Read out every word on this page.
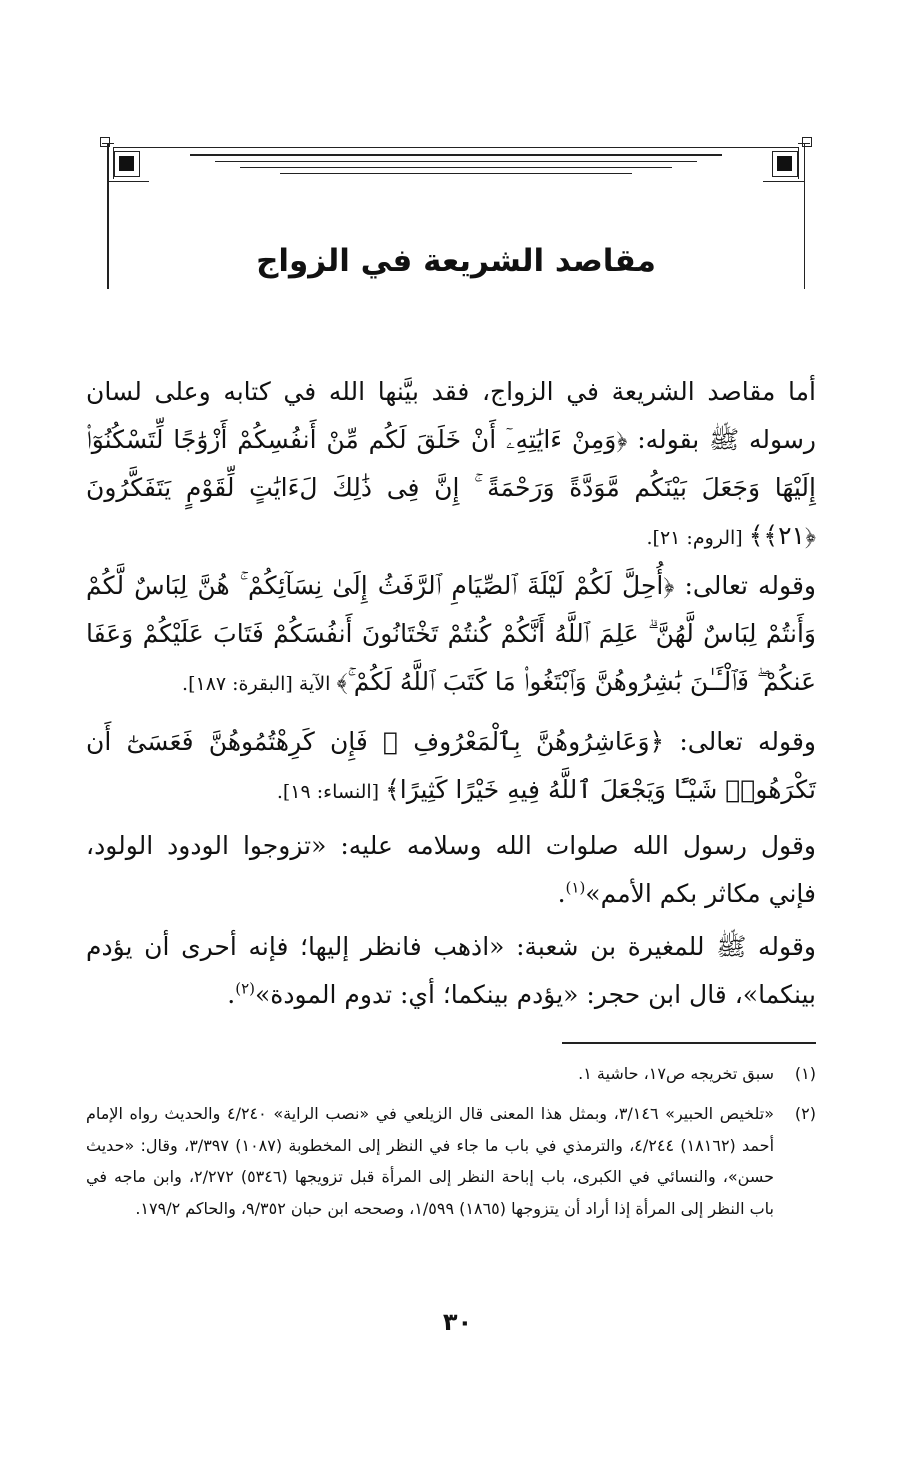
مقاصد الشريعة في الزواج

أما مقاصد الشريعة في الزواج، فقد بيَّنها الله في كتابه وعلى لسان رسوله ﷺ بقوله: ﴿وَمِنْ ءَايَٰتِهِۦٓ أَنْ خَلَقَ لَكُم مِّنْ أَنفُسِكُمْ أَزْوَٰجًا لِّتَسْكُنُوٓا۟ إِلَيْهَا وَجَعَلَ بَيْنَكُم مَّوَدَّةً وَرَحْمَةً ۚ إِنَّ فِى ذَٰلِكَ لَءَايَٰتٍ لِّقَوْمٍ يَتَفَكَّرُونَ ﴿٢١﴾﴾ [الروم: ٢١].

وقوله تعالى: ﴿أُحِلَّ لَكُمْ لَيْلَةَ ٱلصِّيَامِ ٱلرَّفَثُ إِلَىٰ نِسَآئِكُمْ ۚ هُنَّ لِبَاسٌ لَّكُمْ وَأَنتُمْ لِبَاسٌ لَّهُنَّ ۗ عَلِمَ ٱللَّهُ أَنَّكُمْ كُنتُمْ تَخْتَانُونَ أَنفُسَكُمْ فَتَابَ عَلَيْكُمْ وَعَفَا عَنكُمْ ۖ فَٱلْـَٔـٰنَ بَٰشِرُوهُنَّ وَٱبْتَغُوا۟ مَا كَتَبَ ٱللَّهُ لَكُمْ ۚ﴾ الآية [البقرة: ١٨٧].

وقوله تعالى: ﴿وَعَاشِرُوهُنَّ بِٱلْمَعْرُوفِ ۚ فَإِن كَرِهْتُمُوهُنَّ فَعَسَىٰٓ أَن تَكْرَهُوا۟ شَيْـًٔا وَيَجْعَلَ ٱللَّهُ فِيهِ خَيْرًا كَثِيرًا﴾ [النساء: ١٩].

وقول رسول الله صلوات الله وسلامه عليه: «تزوجوا الودود الولود، فإني مكاثر بكم الأمم»$^{(١)}$.

وقوله ﷺ للمغيرة بن شعبة: «اذهب فانظر إليها؛ فإنه أحرى أن يؤدم بينكما»، قال ابن حجر: «يؤدم بينكما؛ أي: تدوم المودة»$^{(٢)}$.

(١)
سبق تخريجه ص١٧، حاشية ١.
(٢)
«تلخيص الحبير» ٣/١٤٦، وبمثل هذا المعنى قال الزيلعي في «نصب الراية» ٤/٢٤٠ والحديث رواه الإمام أحمد (١٨١٦٢) ٤/٢٤٤، والترمذي في باب ما جاء في النظر إلى المخطوبة (١٠٨٧) ٣/٣٩٧، وقال: «حديث حسن»، والنسائي في الكبرى، باب إباحة النظر إلى المرأة قبل تزويجها (٥٣٤٦) ٢/٢٧٢، وابن ماجه في باب النظر إلى المرأة إذا أراد أن يتزوجها (١٨٦٥) ١/٥٩٩، وصححه ابن حبان ٩/٣٥٢، والحاكم ١٧٩/٢.
٣٠
